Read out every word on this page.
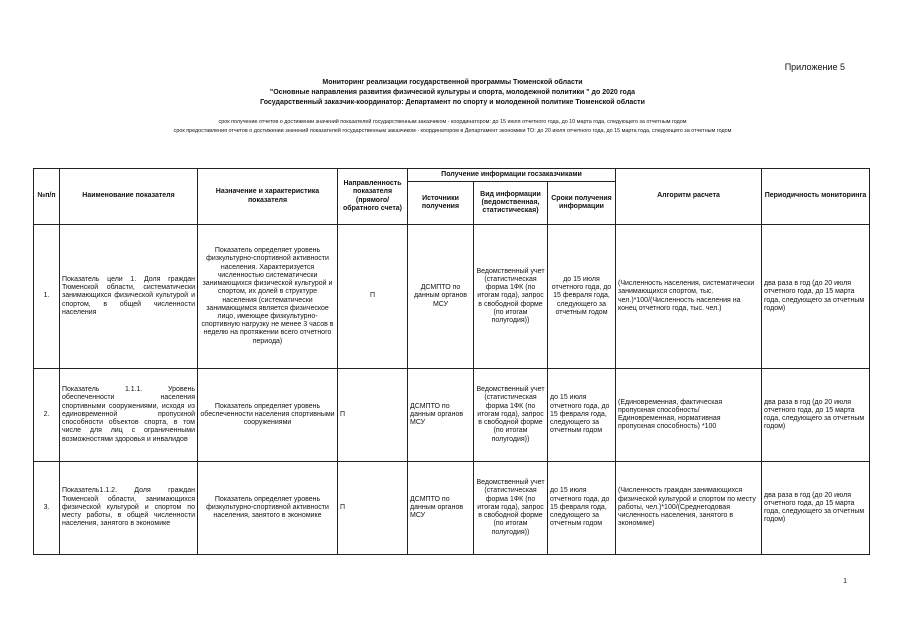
Приложение 5
Мониторинг реализации государственной программы Тюменской области
"Основные направления развития физической культуры и спорта, молодежной политики " до 2020 года
Государственный заказчик-координатор: Департамент по спорту и молодежной политике Тюменской области
срок получение отчетов о достижении значений показателей государственным заказчиком - координатором: до 15 июля отчетного года, до 10 марта года, следующего за отчетным годом
срок предоставления отчетов о достижении значений показателей государственным заказчиком - координатором в Департамент экономики ТО: до 20 июля отчетного года, до 15 марта года, следующего за отчетным годом
№п/п	Наименование показателя	Назначение и характеристика показателя	Направленность показателя (прямого/ обратного счета)	Получение информации госзаказчиками			Алгоритм расчета	Периодичность мониторинга
				Источники получения	Вид информации (ведомственная, статистическая)	Сроки получения информации		
1.	Показатель цели 1. Доля граждан Тюменской области, систематически занимающихся физической культурой и спортом, в общей численности населения	Показатель определяет уровень физкультурно-спортивной активности населения. Характеризуется численностью систематически занимающихся физической культурой и спортом, их долей в структуре населения (систематически занимающимся является физическое лицо, имеющее физкультурно-спортивную нагрузку не менее 3 часов в неделю на протяжении всего отчетного периода)	П	ДСМПТО по данным органов МСУ	Ведомственный учет (статистическая форма 1ФК (по итогам года), запрос в свободной форме (по итогам полугодия))	до 15 июля отчетного года, до 15 февраля года, следующего за отчетным годом	(Численность населения, систематически занимающихся спортом, тыс. чел.)*100/(Численность населения на конец отчетного года, тыс. чел.)	два раза в год (до 20 июля отчетного года, до 15 марта года, следующего за отчетным годом)
2.	Показатель 1.1.1. Уровень обеспеченности населения спортивными сооружениями, исходя из единовременной пропускной способности объектов спорта, в том числе для лиц с ограниченными возможностями здоровья и инвалидов	Показатель определяет уровень обеспеченности населения спортивными сооружениями	П	ДСМПТО по данным органов МСУ	Ведомственный учет (статистическая форма 1ФК (по итогам года), запрос в свободной форме (по итогам полугодия))	до 15 июля отчетного года, до 15 февраля года, следующего за отчетным годом	(Единовременная, фактическая пропускная способность/ Единовременная, нормативная пропускная способность) *100	два раза в год (до 20 июля отчетного года, до 15 марта года, следующего за отчетным годом)
3.	Показатель1.1.2. Доля граждан Тюменской области, занимающихся физической культурой и спортом по месту работы, в общей численности населения, занятого в экономике	Показатель определяет уровень физкультурно-спортивной активности населения, занятого в экономике	П	ДСМПТО по данным органов МСУ	Ведомственный учет (статистическая форма 1ФК (по итогам года), запрос в свободной форме (по итогам полугодия))	до 15 июля отчетного года, до 15 февраля года, следующего за отчетным годом	(Численность граждан занимающихся физической культурой и спортом по месту работы, чел.)*100/(Среднегодовая численность населения, занятого в экономике)	два раза в год (до 20 июля отчетного года, до 15 марта года, следующего за отчетным годом)
1
